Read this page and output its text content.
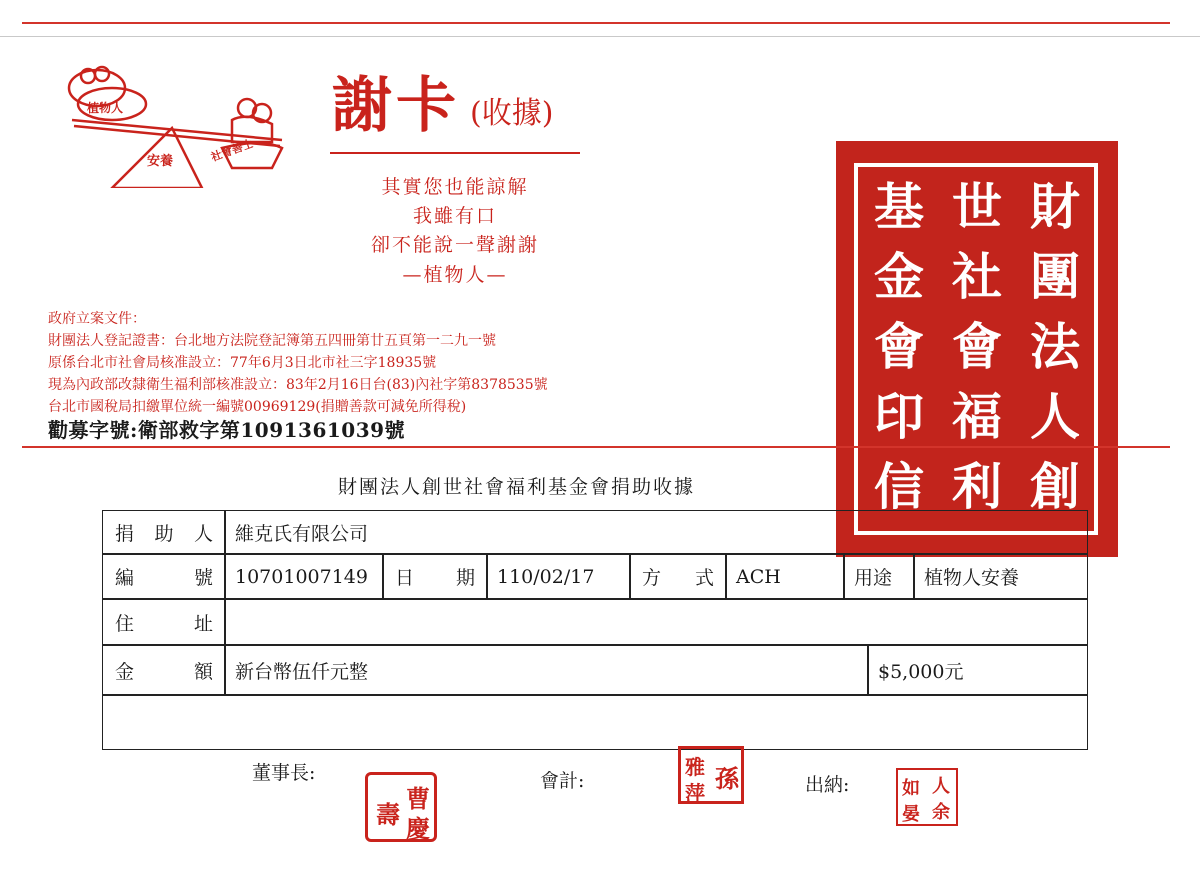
植物人
安養	社會善士
謝卡 (收據)
其實您也能諒解
我雖有口
卻不能說一聲謝謝
—植物人—
財
團
法
人
創
世
社
會
福
利
基
金
會
印
信
政府立案文件：
財團法人登記證書：台北地方法院登記簿第五四冊第廿五頁第一二九一號
原係台北市社會局核准設立：77年6月3日北市社三字18935號
現為內政部改隸衛生福利部核准設立：83年2月16日台(83)內社字第8378535號
台北市國稅局扣繳單位統一編號00969129(捐贈善款可減免所得稅)
勸募字號:衛部救字第1091361039號
財團法人創世社會福利基金會捐助收據
捐 助 人	維克氏有限公司
編	號	10701007149	日 期	110/02/17	方 式	ACH	用途	植物人安養
住	址
金	額	新台幣伍仟元整	$5,000元
董事長:
壽
曹
慶
會計:
雅 孫
萍	出納:	如 人
晏 余
